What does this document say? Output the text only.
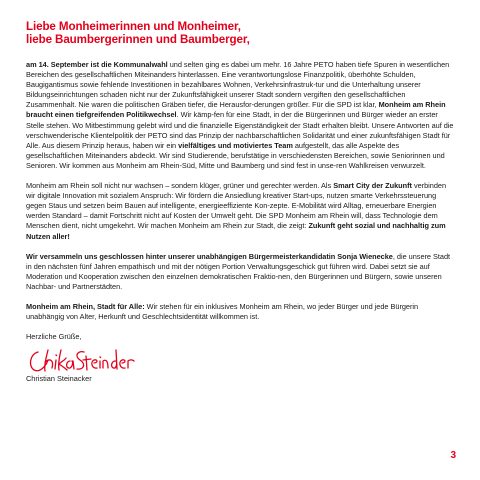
Liebe Monheimerinnen und Monheimer,
liebe Baumbergerinnen und Baumberger,

am 14. September ist die Kommunalwahl und selten ging es dabei um mehr. 16 Jahre PETO haben tiefe Spuren in wesentlichen Bereichen des gesellschaftlichen Miteinanders hinterlassen. Eine verantwortungslose Finanzpolitik, überhöhte Schulden, Baugigantismus sowie fehlende Investitionen in bezahlbares Wohnen, Verkehrsinfrastruk-tur und die Unterhaltung unserer Bildungseinrichtungen schaden nicht nur der Zukunftsfähigkeit unserer Stadt sondern vergiften den gesellschaftlichen Zusammenhalt. Nie waren die politischen Gräben tiefer, die Herausfor-derungen größer. Für die SPD ist klar, Monheim am Rhein braucht einen tiefgreifenden Politikwechsel. Wir kämp-fen für eine Stadt, in der die Bürgerinnen und Bürger wieder an erster Stelle stehen. Wo Mitbestimmung gelebt wird und die finanzielle Eigenständigkeit der Stadt erhalten bleibt. Unsere Antworten auf die verschwenderische Klientelpolitik der PETO sind das Prinzip der nachbarschaftlichen Solidarität und einer zukunftsfähigen Stadt für Alle. Aus diesem Prinzip heraus, haben wir ein vielfältiges und motiviertes Team aufgestellt, das alle Aspekte des gesellschaftlichen Miteinanders abdeckt. Wir sind Studierende, berufstätige in verschiedensten Bereichen, sowie Seniorinnen und Senioren. Wir kommen aus Monheim am Rhein-Süd, Mitte und Baumberg und sind fest in unse-ren Wahlkreisen verwurzelt.

Monheim am Rhein soll nicht nur wachsen – sondern klüger, grüner und gerechter werden. Als Smart City der Zukunft verbinden wir digitale Innovation mit sozialem Anspruch: Wir fördern die Ansiedlung kreativer Start-ups, nutzen smarte Verkehrssteuerung gegen Staus und setzen beim Bauen auf intelligente, energieeffiziente Kon-zepte. E-Mobilität wird Alltag, erneuerbare Energien werden Standard – damit Fortschritt nicht auf Kosten der Umwelt geht. Die SPD Monheim am Rhein will, dass Technologie dem Menschen dient, nicht umgekehrt. Wir machen Monheim am Rhein zur Stadt, die zeigt: Zukunft geht sozial und nachhaltig zum Nutzen aller!

Wir versammeln uns geschlossen hinter unserer unabhängigen Bürgermeisterkandidatin Sonja Wienecke, die unsere Stadt in den nächsten fünf Jahren empathisch und mit der nötigen Portion Verwaltungsgeschick gut führen wird. Dabei setzt sie auf Moderation und Kooperation zwischen den einzelnen demokratischen Fraktio-nen, den Bürgerinnen und Bürgern, sowie unseren Nachbar- und Partnerstädten.

Monheim am Rhein, Stadt für Alle: Wir stehen für ein inklusives Monheim am Rhein, wo jeder Bürger und jede Bürgerin unabhängig von Alter, Herkunft und Geschlechtsidentität willkommen ist.

Herzliche Grüße,
Christian Steinacker
3
